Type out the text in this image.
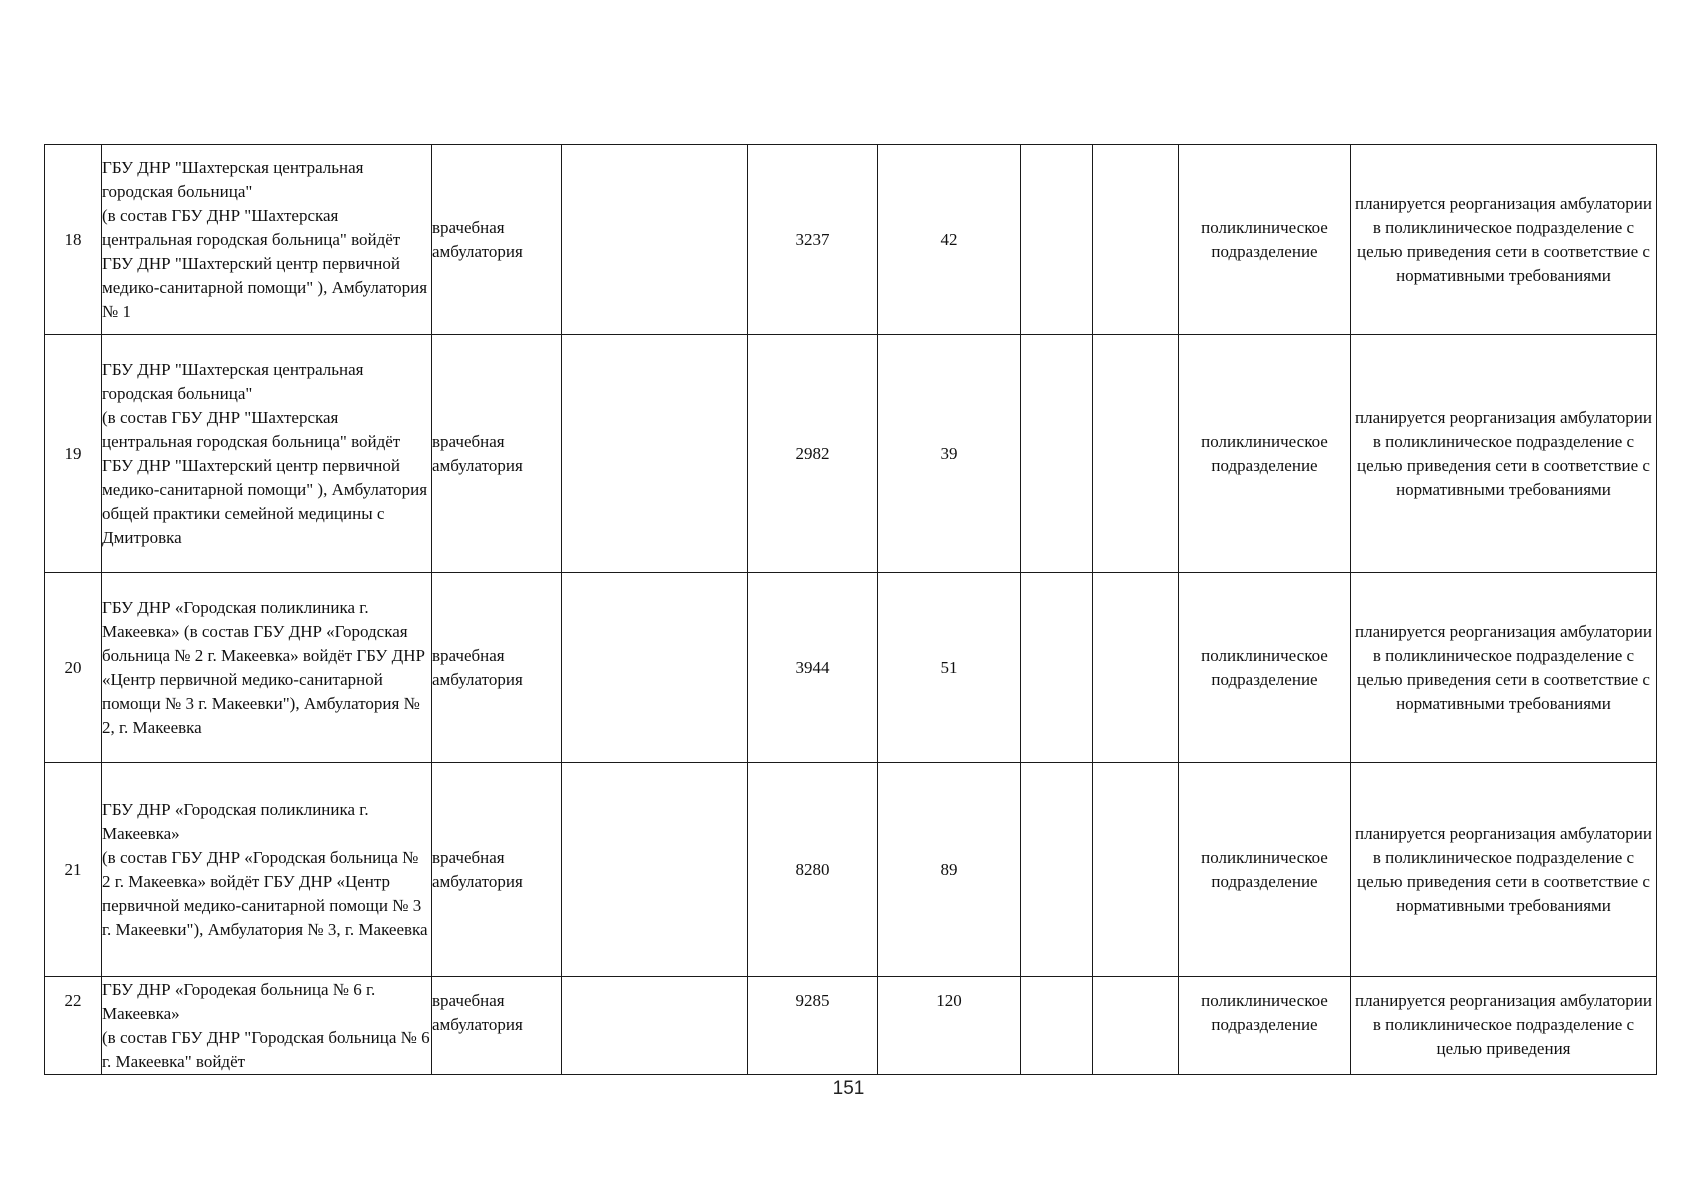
18	ГБУ ДНР "Шахтерская центральная городская больница"
(в состав ГБУ ДНР "Шахтерская центральная городская больница" войдёт ГБУ ДНР "Шахтерский центр первичной медико-санитарной помощи" ), Амбулатория № 1	врачебная амбулатория		3237	42			поликлиническое подразделение	планируется реорганизация амбулатории в поликлиническое подразделение с целью приведения сети в соответствие с нормативными требованиями
19	ГБУ ДНР "Шахтерская центральная городская больница"
(в состав ГБУ ДНР "Шахтерская центральная городская больница" войдёт ГБУ ДНР "Шахтерский центр первичной медико-санитарной помощи" ), Амбулатория общей практики семейной медицины с Дмитровка	врачебная амбулатория		2982	39			поликлиническое подразделение	планируется реорганизация амбулатории в поликлиническое подразделение с целью приведения сети в соответствие с нормативными требованиями
20	ГБУ ДНР «Городская поликлиника г. Макеевка» (в состав ГБУ ДНР «Городская больница № 2 г. Макеевка» войдёт ГБУ ДНР «Центр первичной медико-санитарной помощи № 3 г. Макеевки"), Амбулатория № 2, г. Макеевка	врачебная амбулатория		3944	51			поликлиническое подразделение	планируется реорганизация амбулатории в поликлиническое подразделение с целью приведения сети в соответствие с нормативными требованиями
21	ГБУ ДНР «Городская поликлиника г. Макеевка»
(в состав ГБУ ДНР «Городская больница № 2 г. Макеевка» войдёт ГБУ ДНР «Центр первичной медико-санитарной помощи № 3 г. Макеевки"), Амбулатория № 3, г. Макеевка	врачебная амбулатория		8280	89			поликлиническое подразделение	планируется реорганизация амбулатории в поликлиническое подразделение с целью приведения сети в соответствие с нормативными требованиями
22	ГБУ ДНР «Городекая больница № 6 г. Макеевка»
(в состав ГБУ ДНР "Городская больница № 6 г. Макеевка" войдёт	врачебная амбулатория		9285	120			поликлиническое подразделение	планируется реорганизация амбулатории в поликлиническое подразделение с целью приведения
151
